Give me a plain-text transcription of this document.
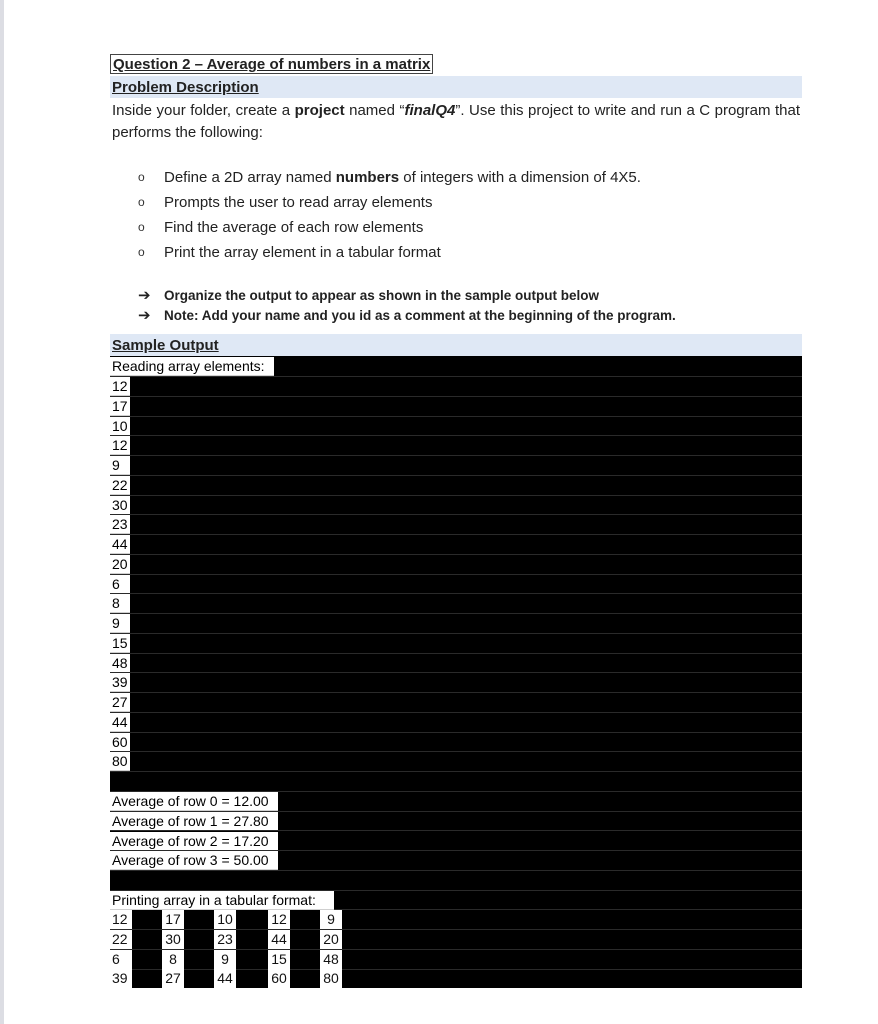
Question 2 – Average of numbers in a matrix
Problem Description
Inside your folder, create a project named “finalQ4”. Use this project to write and run a C program that performs the following:
o	Define a 2D array named numbers of integers with a dimension of 4X5.
o	Prompts the user to read array elements
o	Find the average of each row elements
o	Print the array element in a tabular format
➔ Organize the output to appear as shown in the sample output below
➔ Note: Add your name and you id as a comment at the beginning of the program.
Sample Output
Reading array elements:
12
17
10
12
9
22
30
23
44
20
6
8
9
15
48
39
27
44
60
80
Average of row 0 = 12.00
Average of row 1 = 27.80
Average of row 2 = 17.20
Average of row 3 = 50.00
Printing array in a tabular format:
12	17	10	12	9
22	30	23	44	20
6	8	9	15	48
39	27	44	60	80
